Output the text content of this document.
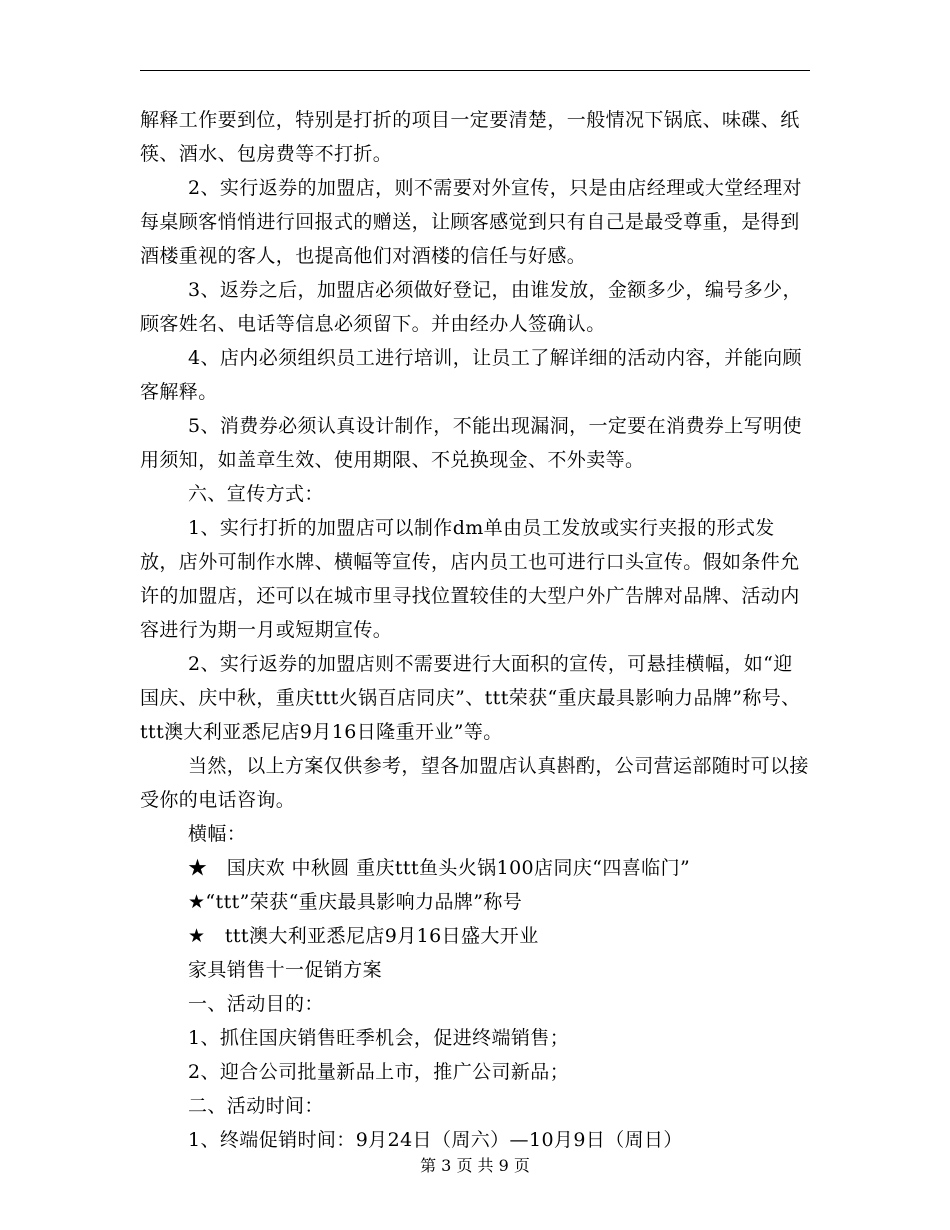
解释工作要到位，特别是打折的项目一定要清楚，一般情况下锅底、味碟、纸筷、酒水、包房费等不打折。

2、实行返券的加盟店，则不需要对外宣传，只是由店经理或大堂经理对每桌顾客悄悄进行回报式的赠送，让顾客感觉到只有自己是最受尊重，是得到酒楼重视的客人，也提高他们对酒楼的信任与好感。

3、返券之后，加盟店必须做好登记，由谁发放，金额多少，编号多少，顾客姓名、电话等信息必须留下。并由经办人签确认。

4、店内必须组织员工进行培训，让员工了解详细的活动内容，并能向顾客解释。

5、消费券必须认真设计制作，不能出现漏洞，一定要在消费券上写明使用须知，如盖章生效、使用期限、不兑换现金、不外卖等。

六、宣传方式：

1、实行打折的加盟店可以制作dm单由员工发放或实行夹报的形式发放，店外可制作水牌、横幅等宣传，店内员工也可进行口头宣传。假如条件允许的加盟店，还可以在城市里寻找位置较佳的大型户外广告牌对品牌、活动内容进行为期一月或短期宣传。

2、实行返券的加盟店则不需要进行大面积的宣传，可悬挂横幅，如“迎国庆、庆中秋，重庆ttt火锅百店同庆”、ttt荣获“重庆最具影响力品牌”称号、ttt澳大利亚悉尼店9月16日隆重开业”等。

当然，以上方案仅供参考，望各加盟店认真斟酌，公司营运部随时可以接受你的电话咨询。

横幅：

★　国庆欢 中秋圆 重庆ttt鱼头火锅100店同庆“四喜临门”

★“ttt”荣获“重庆最具影响力品牌”称号

★　ttt澳大利亚悉尼店9月16日盛大开业

家具销售十一促销方案

一、活动目的：

1、抓住国庆销售旺季机会，促进终端销售；

2、迎合公司批量新品上市，推广公司新品；

二、活动时间：

1、终端促销时间：9月24日（周六）—10月9日（周日）

第 3 页 共 9 页
